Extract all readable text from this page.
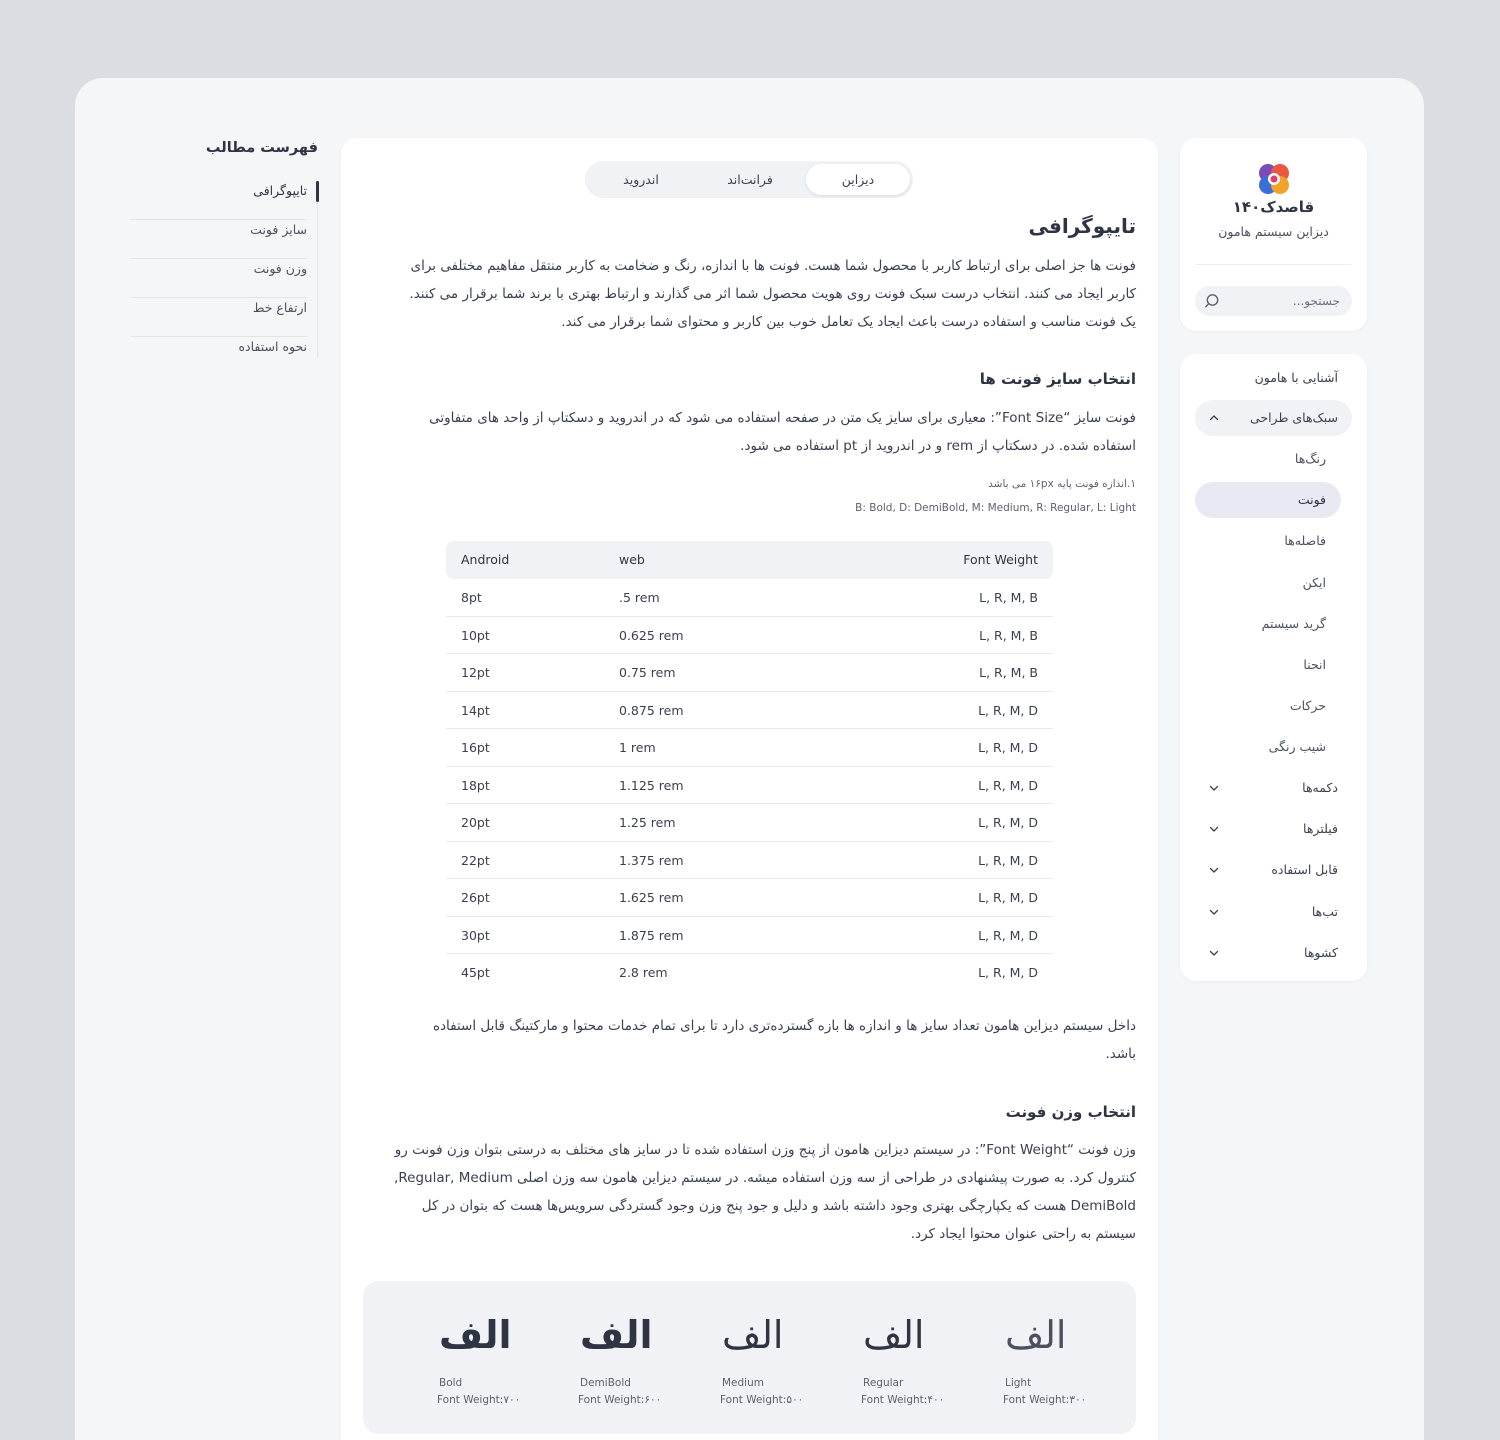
قاصدک۱۴۰
دیزاین سیستم هامون
جستجو...
آشنایی با هامون
سبک‌های طراحی
رنگ‌ها
فونت
فاصله‌ها
ایکن
گرید سیستم
انحنا
حرکات
شیب رنگی
دکمه‌ها
فیلترها
قابل استفاده
تب‌ها
کشوها
دیزاین
فرانت‌اند
اندروید
تایپوگرافی
فونت ها جز اصلی برای ارتباط کاربر با محصول شما هست. فونت ها با اندازه، رنگ و ضخامت به کاربر منتقل مفاهیم مختلفی برای
کاربر ایجاد می کنند. انتخاب درست سبک فونت روی هویت محصول شما اثر می گذارند و ارتباط بهتری با برند شما برقرار می کنند.
یک فونت مناسب و استفاده درست باعث ایجاد یک تعامل خوب بین کاربر و محتوای شما برقرار می کند.
انتخاب سایز فونت ها
فونت سایز “Font Size”: معیاری برای سایز یک متن در صفحه استفاده می شود که در اندروید و دسکتاپ از واحد های متفاوتی
استفاده شده. در دسکتاپ از rem و در اندروید از pt استفاده می شود.
۱.اندازه فونت پایه ۱۶px می باشد
B: Bold, D: DemiBold, M: Medium, R: Regular, L: Light
Android	web	Font Weight
8pt	.5 rem	L, R, M, B
10pt	0.625 rem	L, R, M, B
12pt	0.75 rem	L, R, M, B
14pt	0.875 rem	L, R, M, D
16pt	1 rem	L, R, M, D
18pt	1.125 rem	L, R, M, D
20pt	1.25 rem	L, R, M, D
22pt	1.375 rem	L, R, M, D
26pt	1.625 rem	L, R, M, D
30pt	1.875 rem	L, R, M, D
45pt	2.8 rem	L, R, M, D
داخل سیستم دیزاین هامون تعداد سایز ها و اندازه ها بازه گسترده‌تری دارد تا برای تمام خدمات محتوا و مارکتینگ قابل استفاده
باشد.
انتخاب وزن فونت
وزن فونت “Font Weight”: در سیستم دیزاین هامون از پنج وزن استفاده شده تا در سایز های مختلف به درستی بتوان وزن فونت رو
کنترول کرد. به صورت پیشنهادی در طراحی از سه وزن استفاده میشه. در سیستم دیزاین هامون سه وزن اصلی Regular, Medium,
DemiBold هست که یکپارچگی بهتری وجود داشته باشد و دلیل و جود پنج وزن وجود گستردگی سرویس‌ها هست که بتوان در کل
سیستم به راحتی عنوان محتوا ایجاد کرد.
الف
Bold
Font Weight:۷۰۰
الف
DemiBold
Font Weight:۶۰۰
الف
Medium
Font Weight:۵۰۰
الف
Regular
Font Weight:۴۰۰
الف
Light
Font Weight:۳۰۰
فهرست مطالب
تایپوگرافی
سایز فونت
وزن فونت
ارتفاع خط
نحوه استفاده
